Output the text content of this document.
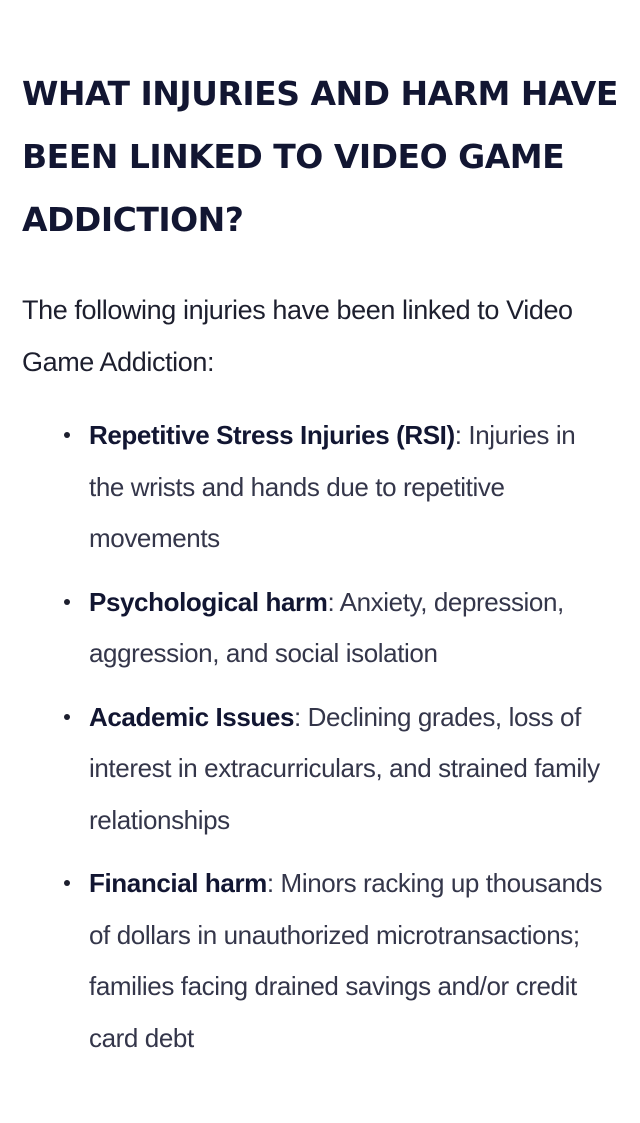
WHAT INJURIES AND HARM HAVE BEEN LINKED TO VIDEO GAME ADDICTION?

The following injuries have been linked to Video Game Addiction:

Repetitive Stress Injuries (RSI): Injuries in the wrists and hands due to repetitive movements
Psychological harm: Anxiety, depression, aggression, and social isolation
Academic Issues: Declining grades, loss of interest in extracurriculars, and strained family relationships
Financial harm: Minors racking up thousands of dollars in unauthorized microtransactions; families facing drained savings and/or credit card debt
